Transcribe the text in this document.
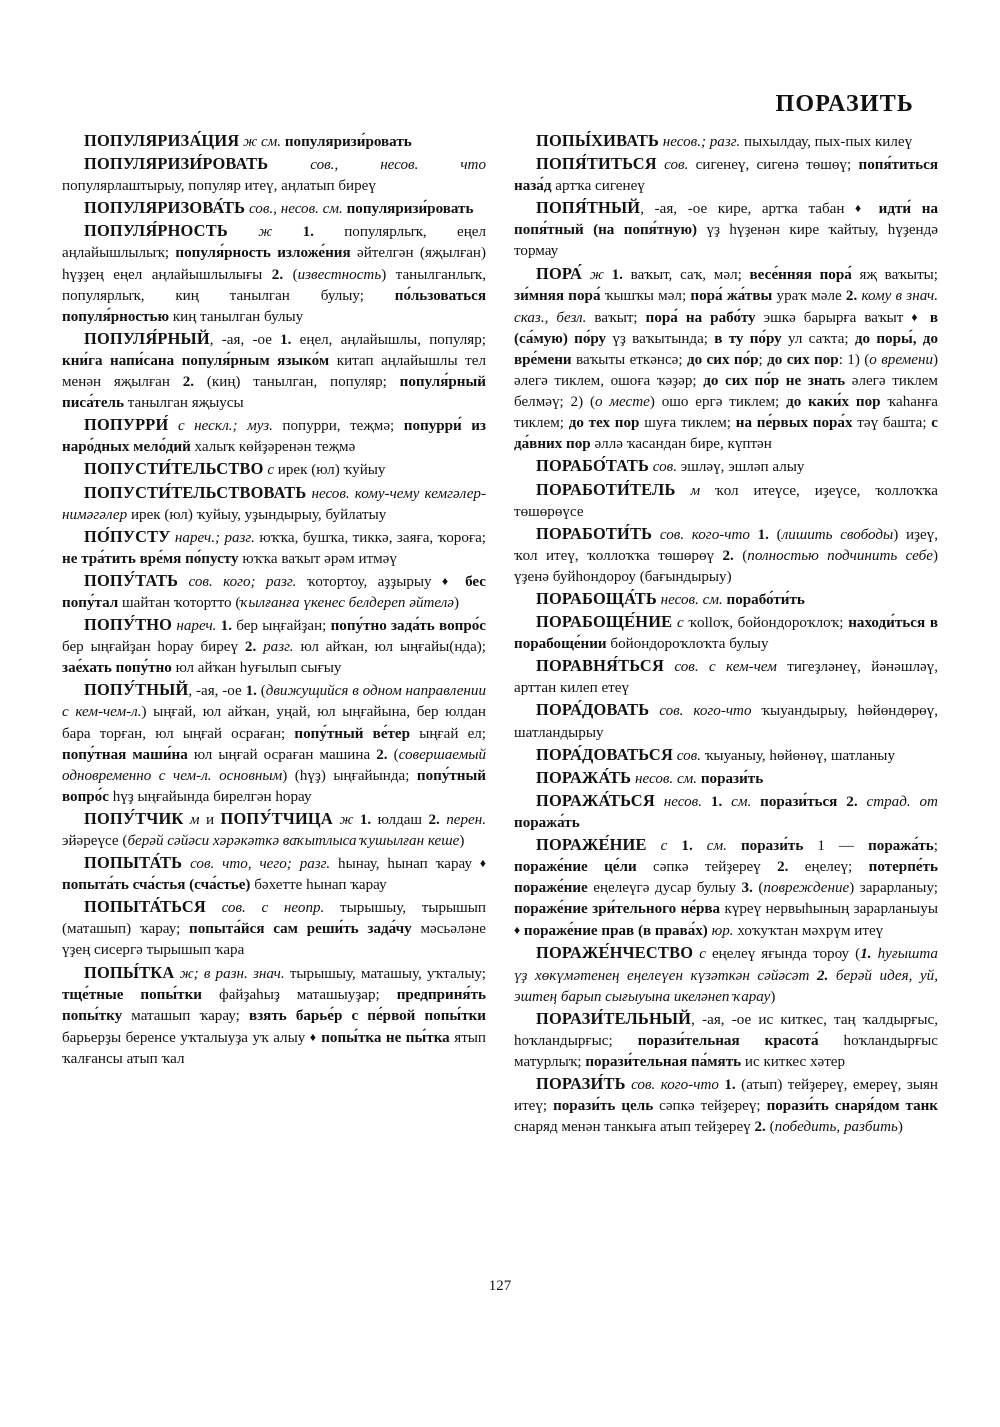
ПОРАЗИТЬ

ПОПУЛЯРИЗА́ЦИЯ ж см. популяризи́ровать

ПОПУЛЯРИЗИ́РОВАТЬ	сов., несов. что популярлаштырыу, популяр итеү, аңлатып биреү

ПОПУЛЯРИЗОВА́ТЬ сов., несов. см. популяризи́ровать

ПОПУЛЯ́РНОСТЬ ж 1. популярлыҡ, еңел аңлайышлылыҡ; популя́рность изложе́ния әйтелгән (яҗылған) һүҙҙең еңел аңлайышлылығы 2. (известность) танылганлыҡ, популярлыҡ, киң танылган булыу; по́льзоваться популя́рностью киң танылган булыу

ПОПУЛЯ́РНЫЙ, -ая, -ое 1. еңел, аңлайышлы, популяр; кни́га напи́сана популя́рным языко́м китап аңлайышлы тел менән яҗылған 2. (киң) танылган, популяр; популя́рный писа́тель танылган яҗыусы

ПОПУРРИ́ с нескл.; муз. попурри, теҗмә; попурри́ из наро́дных мело́дий халыҡ көйҙәренән теҗмә

ПОПУСТИ́ТЕЛЬСТВО с ирек (юл) ҡуйыу

ПОПУСТИ́ТЕЛЬСТВОВАТЬ несов. кому-чему кемгәлер-нимәгәлер ирек (юл) ҡуйыу, уҙындырыу, буйлатыу

ПО́ПУСТУ нареч.; разг. юҡҡа, бушҡа, тиккә, заяға, ҡороға; не тра́тить вре́мя по́пусту юҡҡа ваҡыт әрәм итмәү

ПОПУ́ТАТЬ сов. кого; разг. ҡотортоу, аҙҙырыу ♦ бес попу́тал шайтан ҡотортто (ҡылғанға үкенес белдереп әйтелә)

ПОПУ́ТНО нареч. 1. бер ыңғайҙан; попу́тно зада́ть вопро́с бер ыңғайҙан һорау биреү 2. разг. юл айҡан, юл ыңғайы(нда); зае́хать попу́тно юл айҡан һуғылып сығыу

ПОПУ́ТНЫЙ, -ая, -ое 1. (движущийся в одном направлении с кем-чем-л.) ыңғай, юл айҡан, уңай, юл ыңғайына, бер юлдан бара торған, юл ыңғай осраған; попу́тный ве́тер ыңғай ел; попу́тная маши́на юл ыңғай осраған машина 2. (совершаемый одновременно с чем-л. основным) (һүҙ) ыңғайында; попу́тный вопро́с һүҙ ыңғайында бирелгән һорау

ПОПУ́ТЧИК м и ПОПУ́ТЧИЦА ж 1. юлдаш 2. перен. эйәреүсе (берәй сәйәси хәрәкәткә ваҡытлыса ҡушылған кеше)

ПОПЫТА́ТЬ сов. что, чего; разг. һынау, һынап ҡарау ♦ попыта́ть сча́стья (сча́стье) бәхетте һынап ҡарау

ПОПЫТА́ТЬСЯ сов. с неопр. тырышыу, тырышып (маташып) ҡарау; попыта́йся сам реши́ть зада́чу мәсьәләне үҙең сисергә тырышып ҡара

ПОПЫ́ТКА ж; в разн. знач. тырышыу, маташыу, уҡталыу; тще́тные попы́тки файҙаһыҙ маташыуҙар; предприня́ть попы́тку маташып ҡарау; взять барье́р с пе́рвой попы́тки барьерҙы беренсе уҡталыуҙа уҡ алыу ♦ попы́тка не пы́тка ятып ҡалғансы атып ҡал

ПОПЫ́ХИВАТЬ несов.; разг. пыхылдау, пых-пых килеү

ПОПЯ́ТИТЬСЯ сов. сигенеү, сигенә төшөү; попя́титься наза́д артҡа сигенеү

ПОПЯ́ТНЫЙ, -ая, -ое кире, артҡа табан ♦ идти́ на попя́тный (на попя́тную) үҙ һүҙенән кире ҡайтыу, һүҙендә тормау

ПОРА́ ж 1. ваҡыт, саҡ, мәл; весе́нняя пора́ яҗ ваҡыты; зи́мняя пора́ ҡышҡы мәл; пора́ жа́твы ураҡ мәле 2. кому в знач. сказ., безл. ваҡыт; пора́ на рабо́ту эшкә барырға ваҡыт ♦ в (са́мую) по́ру үҙ ваҡытында; в ту по́ру ул саҡта; до поры́, до вре́мени ваҡыты еткәнсә; до сих по́р; до сих пор: 1) (о времени) әлегә тиклем, ошоға ҡәҙәр; до сих по́р не знать әлегә тиклем белмәү; 2) (о месте) ошо ергә тиклем; до каки́х пор ҡаһанға тиклем; до тех пор шуға тиклем; на пе́рвых пора́х тәү башта; с да́вних пор әллә ҡасандан бире, күптән

ПОРАБО́ТАТЬ сов. эшләү, эшләп алыу

ПОРАБОТИ́ТЕЛЬ м ҡол итеүсе, иҙеүсе, ҡоллоҡҡа төшөрөүсе

ПОРАБОТИ́ТЬ сов. кого-что 1. (лишить свободы) иҙеү, ҡол итеү, ҡоллоҡҡа төшөрөү 2. (полностью подчинить себе) үҙенә буйһондороу (бағындырыу)

ПОРАБОЩА́ТЬ несов. см. порабо́ти́ть

ПОРАБОЩЕ́НИЕ с ҡollоҡ, бойондороҡлоҡ; находи́ться в порабоще́нии бойондороҡлоҡта булыу

ПОРАВНЯ́ТЬСЯ сов. с кем-чем тигеҙләнеү, йәнәшләү, арттан килеп етеү

ПОРА́ДОВАТЬ сов. кого-что ҡыуандырыу, һөйөндөрөү, шатландырыу

ПОРА́ДОВАТЬСЯ сов. ҡыуаныу, һөйөнөү, шатланыу

ПОРАЖА́ТЬ несов. см. порази́ть

ПОРАЖА́ТЬСЯ несов. 1. см. порази́ться 2. страд. от поража́ть

ПОРАЖЕ́НИЕ с 1. см. порази́ть 1 — поража́ть; пораже́ние це́ли сәпкә тейҙереү 2. еңелеү; потерпе́ть пораже́ние еңелеүгә дусар булыу 3. (повреждение) зарарланыу; пораже́ние зри́тельного не́рва күреү нервыһының зарарланыуы ♦ пораже́ние прав (в права́х) юр. хоҡуҡтан мәхрүм итеү

ПОРАЖЕ́НЧЕСТВО с еңелеү яғында тороу (1. һуғышта үҙ хөкүмәтенең еңелеүен күзәткән сәйәсәт 2. берәй идея, уй, эштең барып сығыуына икеләнеп ҡарау)

ПОРАЗИ́ТЕЛЬНЫЙ, -ая, -ое ис киткес, таң ҡалдырғыс, һоҡландырғыс; порази́тельная красота́ һоҡландырғыс матурлыҡ; порази́тельная па́мять ис киткес хәтер

ПОРАЗИ́ТЬ сов. кого-что 1. (атып) тейҙереү, емереү, зыян итеү; порази́ть цель сәпкә тейҙереү; порази́ть снаря́дом танк снаряд менән танкыға атып тейҙереү 2. (победить, разбить)

127
